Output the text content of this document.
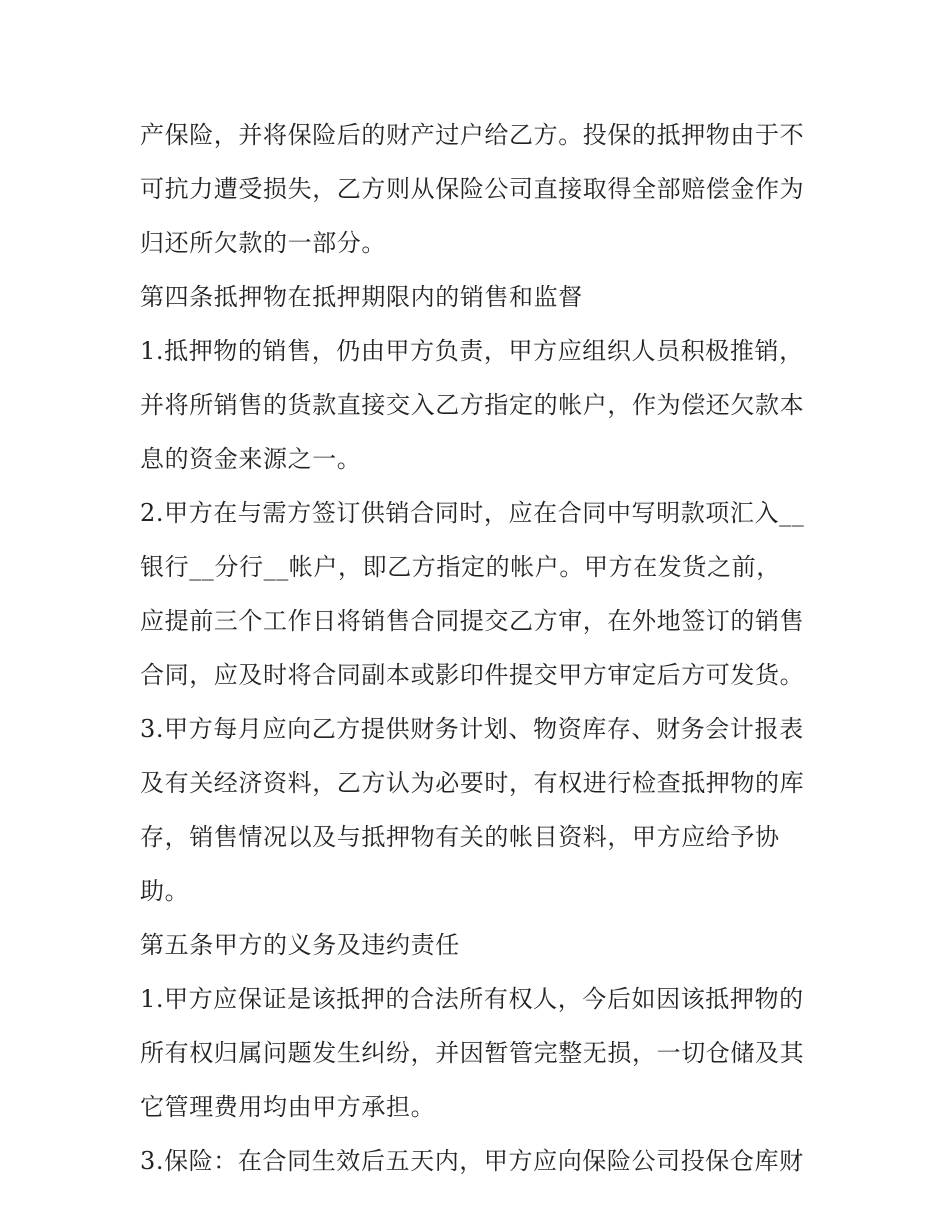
产保险，并将保险后的财产过户给乙方。投保的抵押物由于不
可抗力遭受损失，乙方则从保险公司直接取得全部赔偿金作为
归还所欠款的一部分。
第四条抵押物在抵押期限内的销售和监督
1.抵押物的销售，仍由甲方负责，甲方应组织人员积极推销，
并将所销售的货款直接交入乙方指定的帐户，作为偿还欠款本
息的资金来源之一。
2.甲方在与需方签订供销合同时，应在合同中写明款项汇入__
银行__分行__帐户，即乙方指定的帐户。甲方在发货之前，
应提前三个工作日将销售合同提交乙方审，在外地签订的销售
合同，应及时将合同副本或影印件提交甲方审定后方可发货。
3.甲方每月应向乙方提供财务计划、物资库存、财务会计报表
及有关经济资料，乙方认为必要时，有权进行检查抵押物的库
存，销售情况以及与抵押物有关的帐目资料，甲方应给予协
助。
第五条甲方的义务及违约责任
1.甲方应保证是该抵押的合法所有权人，今后如因该抵押物的
所有权归属问题发生纠纷，并因暂管完整无损，一切仓储及其
它管理费用均由甲方承担。
3.保险：在合同生效后五天内，甲方应向保险公司投保仓库财
